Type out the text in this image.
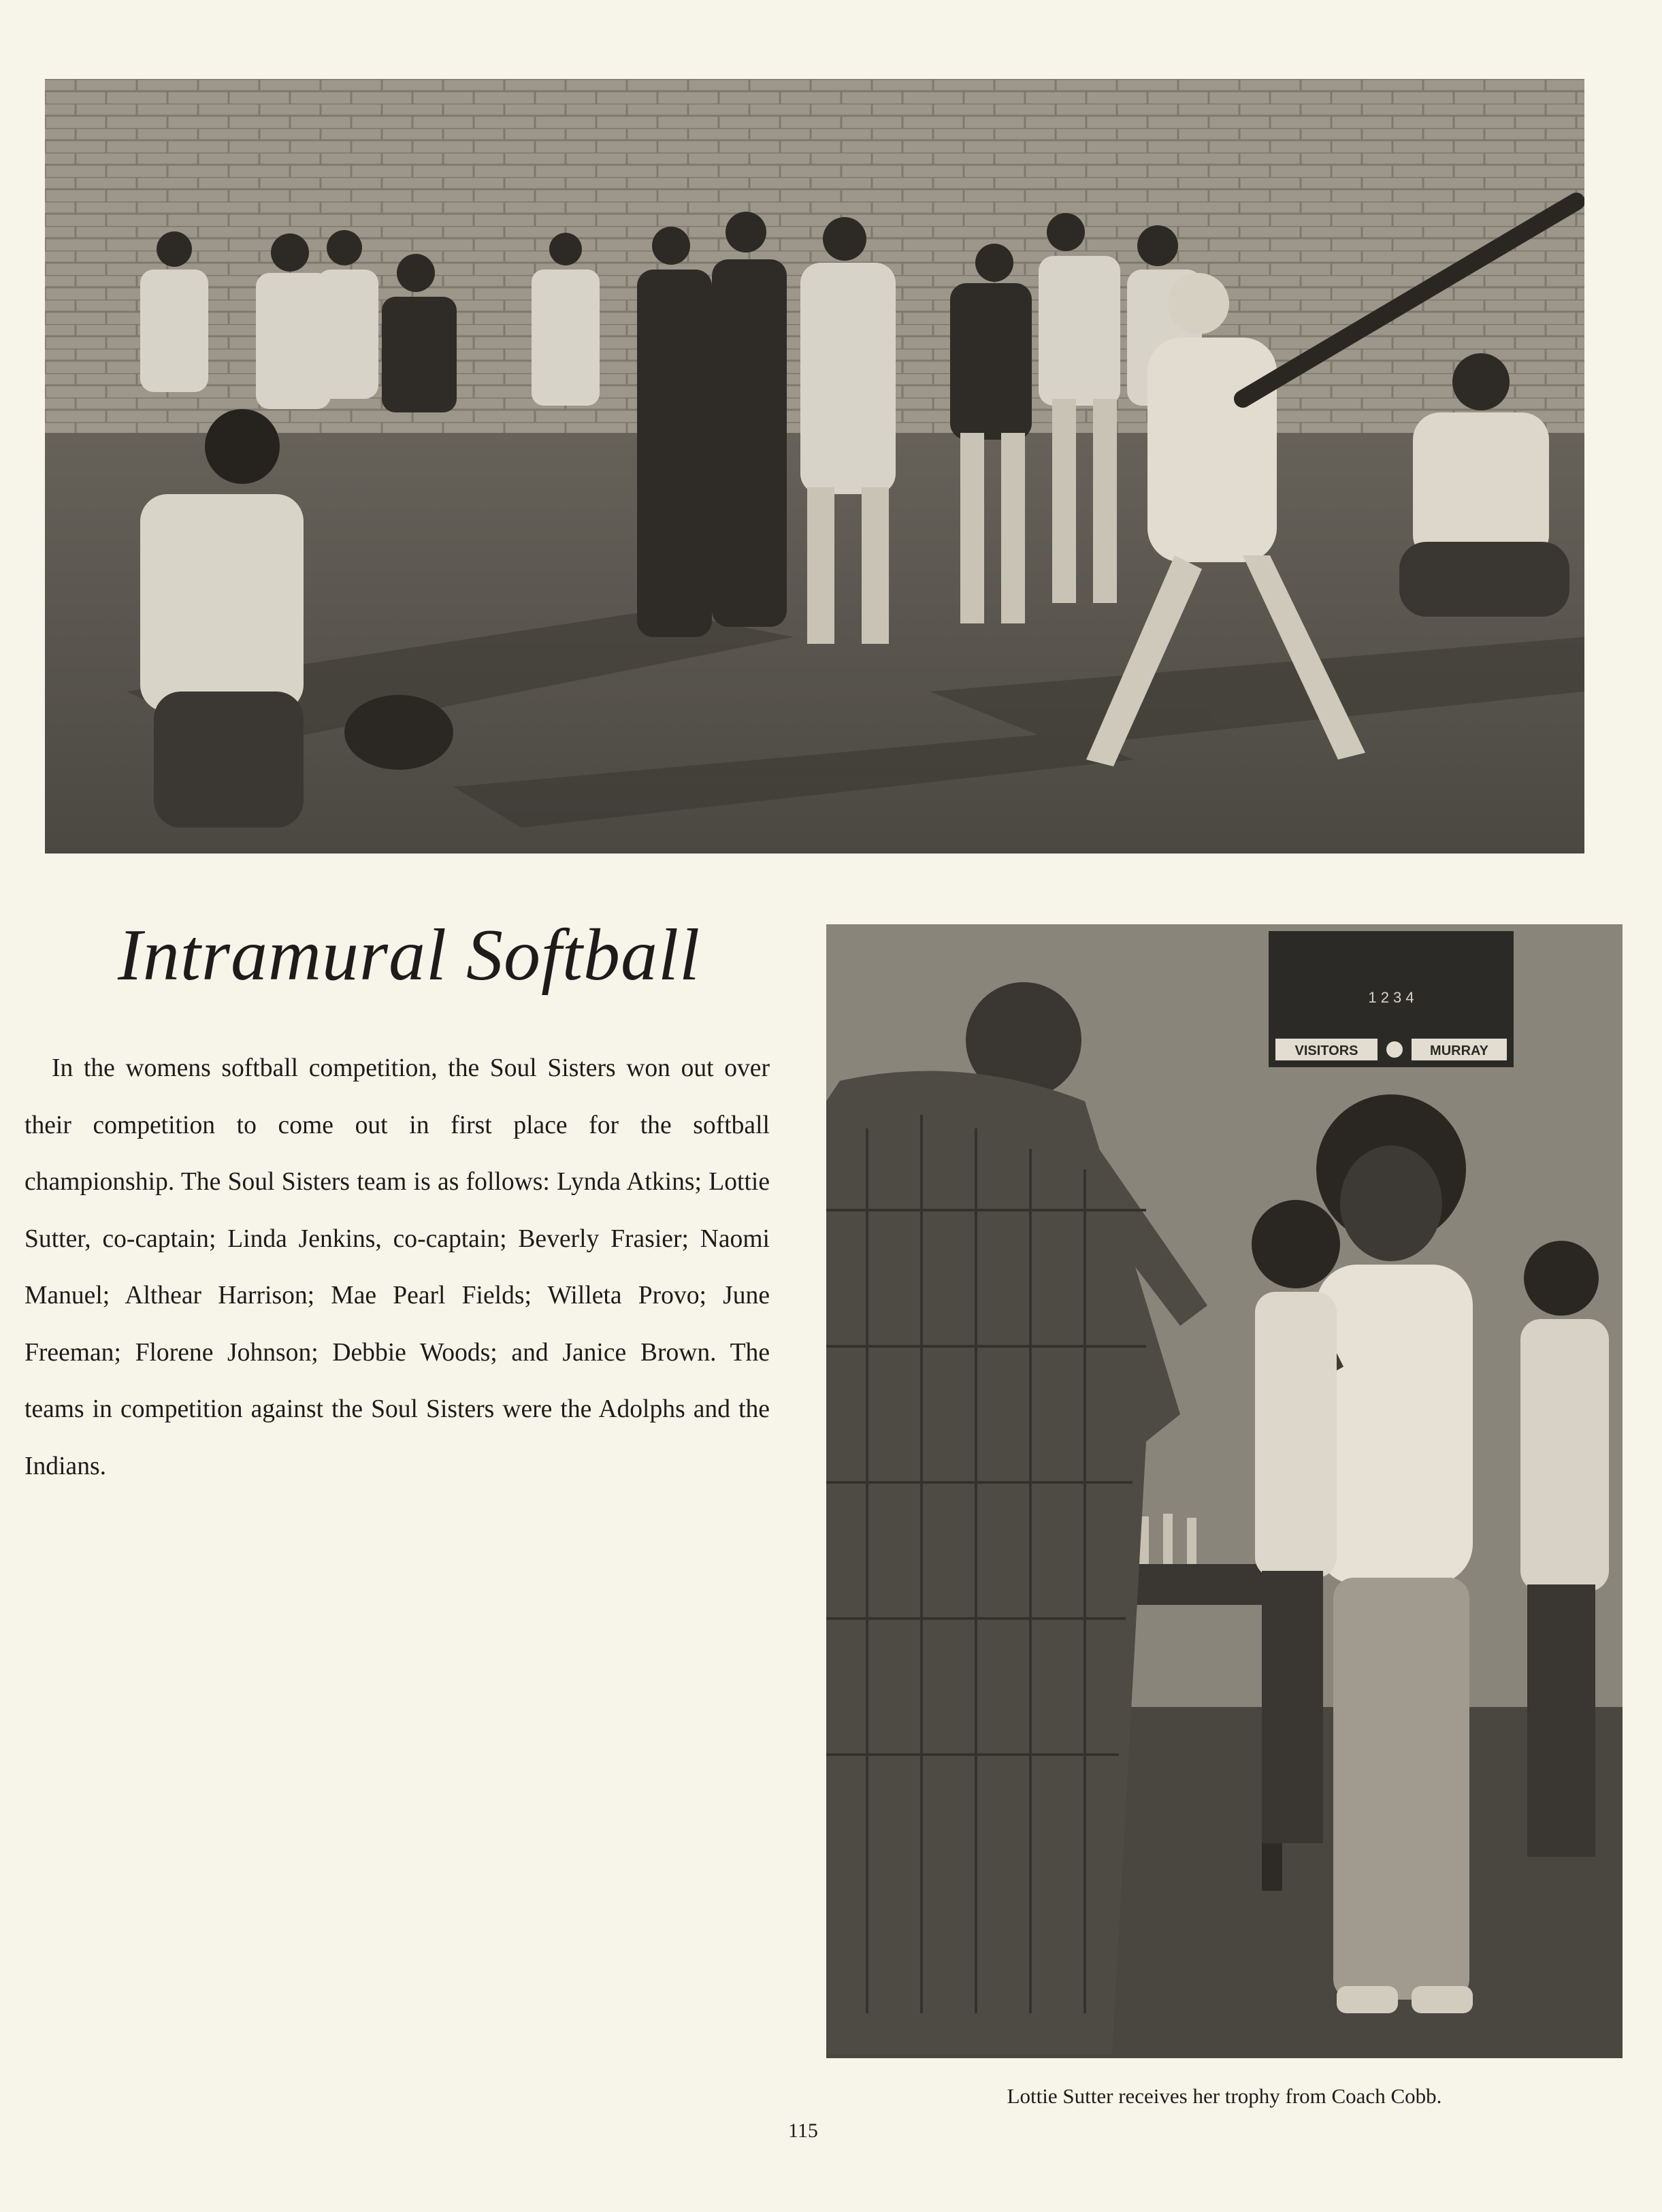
Intramural Softball

In the womens softball competition, the Soul Sisters won out over their competition to come out in first place for the softball championship. The Soul Sisters team is as follows: Lynda Atkins; Lottie Sutter, co-captain; Linda Jenkins, co-captain; Beverly Frasier; Naomi Manuel; Althear Harrison; Mae Pearl Fields; Willeta Provo; June Freeman; Florene Johnson; Debbie Woods; and Janice Brown. The teams in competition against the Soul Sisters were the Adolphs and the Indians.

1 2 3 4
VISITORS	MURRAY
Lottie Sutter receives her trophy from Coach Cobb.
115
